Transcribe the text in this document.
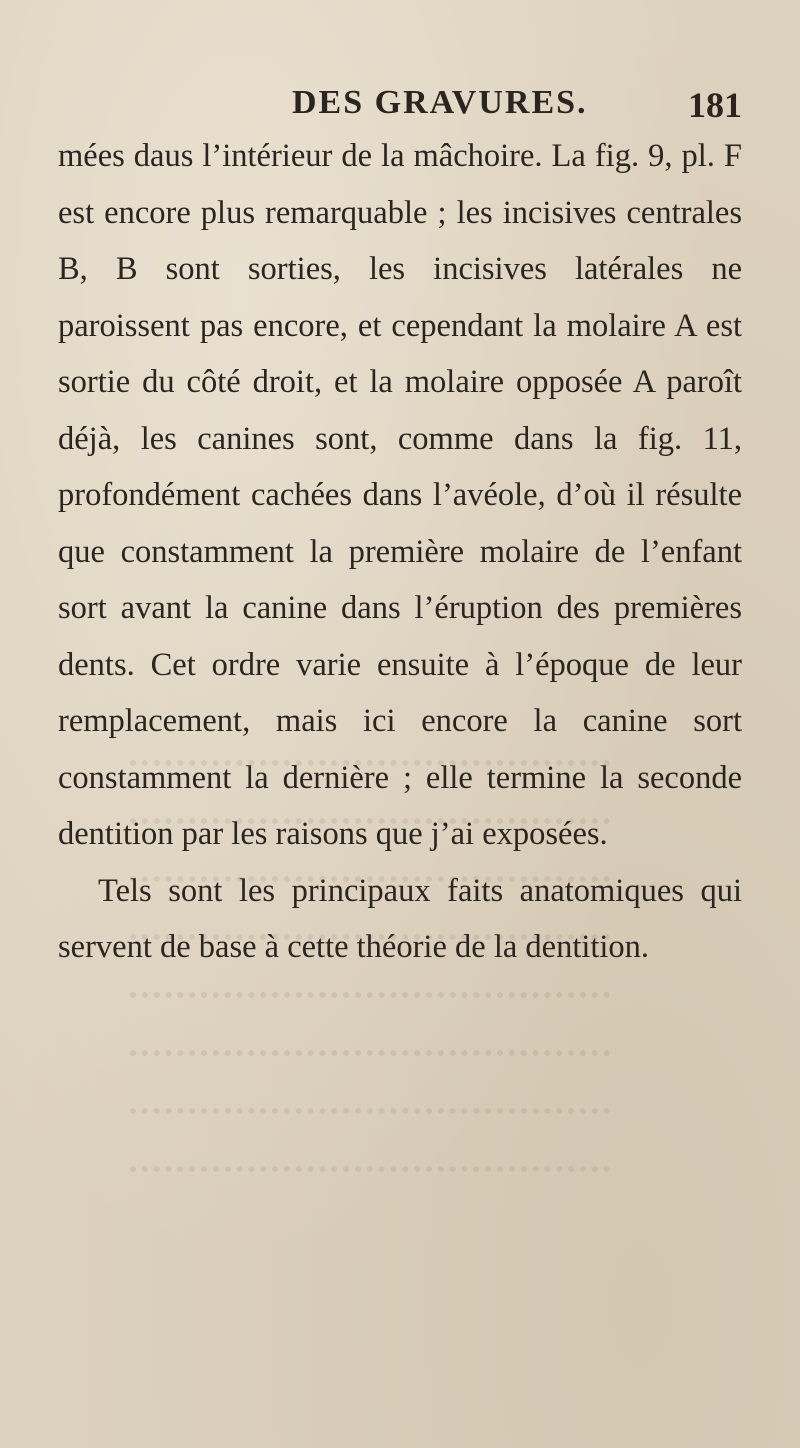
DES GRAVURES.	181

mées daus l’intérieur de la mâchoire. La fig. 9, pl. F est encore plus remarquable ; les incisives centrales B, B sont sorties, les incisives latérales ne paroissent pas encore, et cependant la molaire A est sortie du côté droit, et la molaire opposée A paroît déjà, les canines sont, comme dans la fig. 11, profondément cachées dans l’avéole, d’où il résulte que constamment la première molaire de l’enfant sort avant la canine dans l’éruption des premières dents. Cet ordre varie ensuite à l’époque de leur remplacement, mais ici encore la canine sort constamment la dernière ; elle termine la seconde dentition par les raisons que j’ai exposées.

Tels sont les principaux faits anatomiques qui servent de base à cette théorie de la dentition.
